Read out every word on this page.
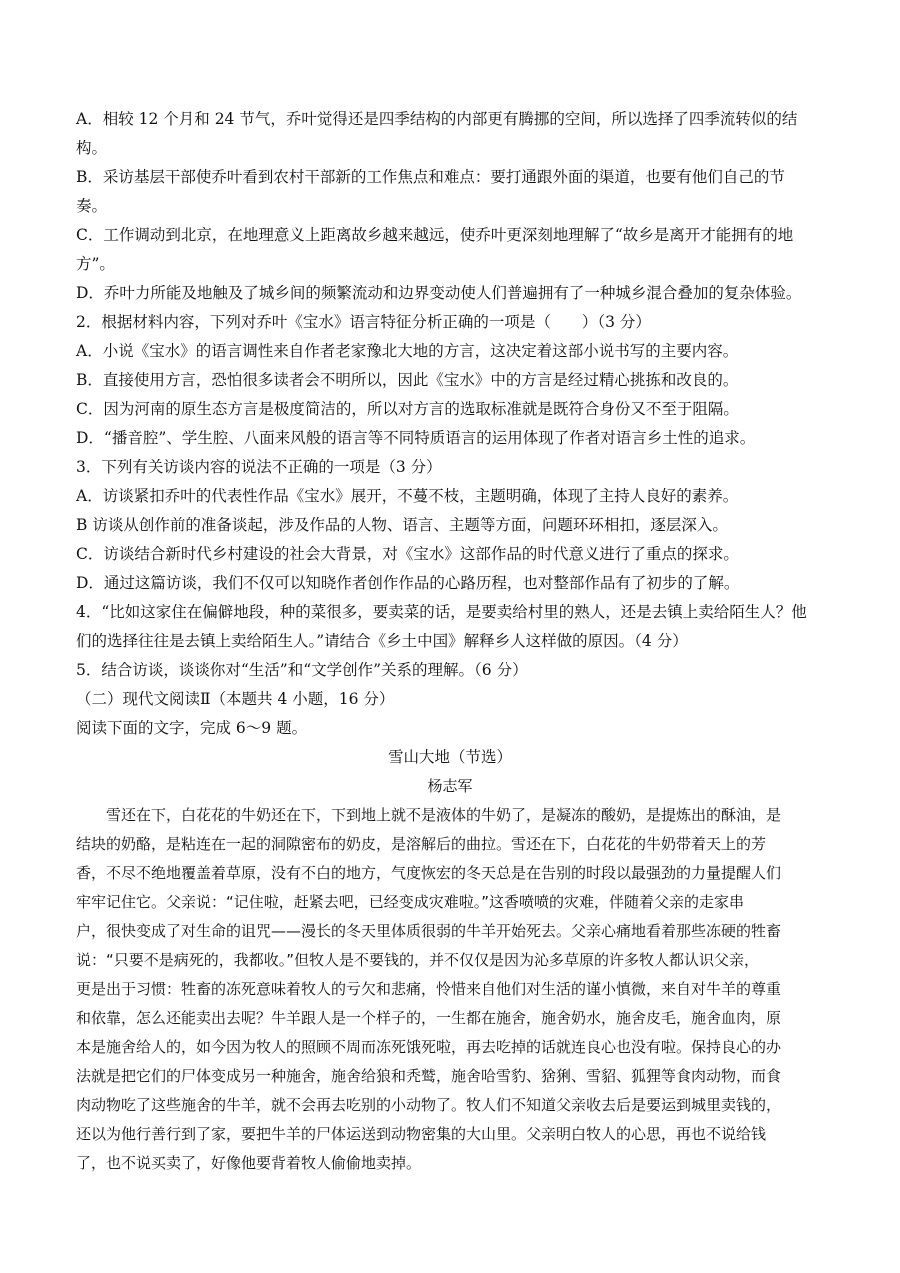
A．相较 12 个月和 24 节气，乔叶觉得还是四季结构的内部更有腾挪的空间，所以选择了四季流转似的结
构。
B．采访基层干部使乔叶看到农村干部新的工作焦点和难点：要打通跟外面的渠道，也要有他们自己的节
奏。
C．工作调动到北京，在地理意义上距离故乡越来越远，使乔叶更深刻地理解了“故乡是离开才能拥有的地
方”。
D．乔叶力所能及地触及了城乡间的频繁流动和边界变动使人们普遍拥有了一种城乡混合叠加的复杂体验。
2．根据材料内容，下列对乔叶《宝水》语言特征分析正确的一项是（　　）（3 分）
A．小说《宝水》的语言调性来自作者老家豫北大地的方言，这决定着这部小说书写的主要内容。
B．直接使用方言，恐怕很多读者会不明所以，因此《宝水》中的方言是经过精心挑拣和改良的。
C．因为河南的原生态方言是极度简洁的，所以对方言的选取标准就是既符合身份又不至于阻隔。
D．“播音腔”、学生腔、八面来风般的语言等不同特质语言的运用体现了作者对语言乡土性的追求。
3．下列有关访谈内容的说法不正确的一项是（3 分）
A．访谈紧扣乔叶的代表性作品《宝水》展开，不蔓不枝，主题明确，体现了主持人良好的素养。
B 访谈从创作前的准备谈起，涉及作品的人物、语言、主题等方面，问题环环相扣，逐层深入。
C．访谈结合新时代乡村建设的社会大背景，对《宝水》这部作品的时代意义进行了重点的探求。
D．通过这篇访谈，我们不仅可以知晓作者创作作品的心路历程，也对整部作品有了初步的了解。
4．“比如这家住在偏僻地段，种的菜很多，要卖菜的话，是要卖给村里的熟人，还是去镇上卖给陌生人？他
们的选择往往是去镇上卖给陌生人。”请结合《乡土中国》解释乡人这样做的原因。（4 分）
5．结合访谈，谈谈你对“生活”和“文学创作”关系的理解。（6 分）
（二）现代文阅读Ⅱ（本题共 4 小题，16 分）
阅读下面的文字，完成 6～9 题。
雪山大地（节选）
杨志军
　　雪还在下，白花花的牛奶还在下，下到地上就不是液体的牛奶了，是凝冻的酸奶，是提炼出的酥油，是
结块的奶酪，是粘连在一起的洞隙密布的奶皮，是溶解后的曲拉。雪还在下，白花花的牛奶带着天上的芳
香，不尽不绝地覆盖着草原，没有不白的地方，气度恢宏的冬天总是在告别的时段以最强劲的力量提醒人们
牢牢记住它。父亲说：“记住啦，赶紧去吧，已经变成灾难啦。”这香喷喷的灾难，伴随着父亲的走家串
户，很快变成了对生命的诅咒——漫长的冬天里体质很弱的牛羊开始死去。父亲心痛地看着那些冻硬的牲畜
说：“只要不是病死的，我都收。”但牧人是不要钱的，并不仅仅是因为沁多草原的许多牧人都认识父亲，
更是出于习惯：牲畜的冻死意味着牧人的亏欠和悲痛，怜惜来自他们对生活的谨小慎微，来自对牛羊的尊重
和依靠，怎么还能卖出去呢？牛羊跟人是一个样子的，一生都在施舍，施舍奶水，施舍皮毛，施舍血肉，原
本是施舍给人的，如今因为牧人的照顾不周而冻死饿死啦，再去吃掉的话就连良心也没有啦。保持良心的办
法就是把它们的尸体变成另一种施舍，施舍给狼和秃鹫，施舍哈雪豹、猞猁、雪貂、狐狸等食肉动物，而食
肉动物吃了这些施舍的牛羊，就不会再去吃别的小动物了。牧人们不知道父亲收去后是要运到城里卖钱的，
还以为他行善行到了家，要把牛羊的尸体运送到动物密集的大山里。父亲明白牧人的心思，再也不说给钱
了，也不说买卖了，好像他要背着牧人偷偷地卖掉。
